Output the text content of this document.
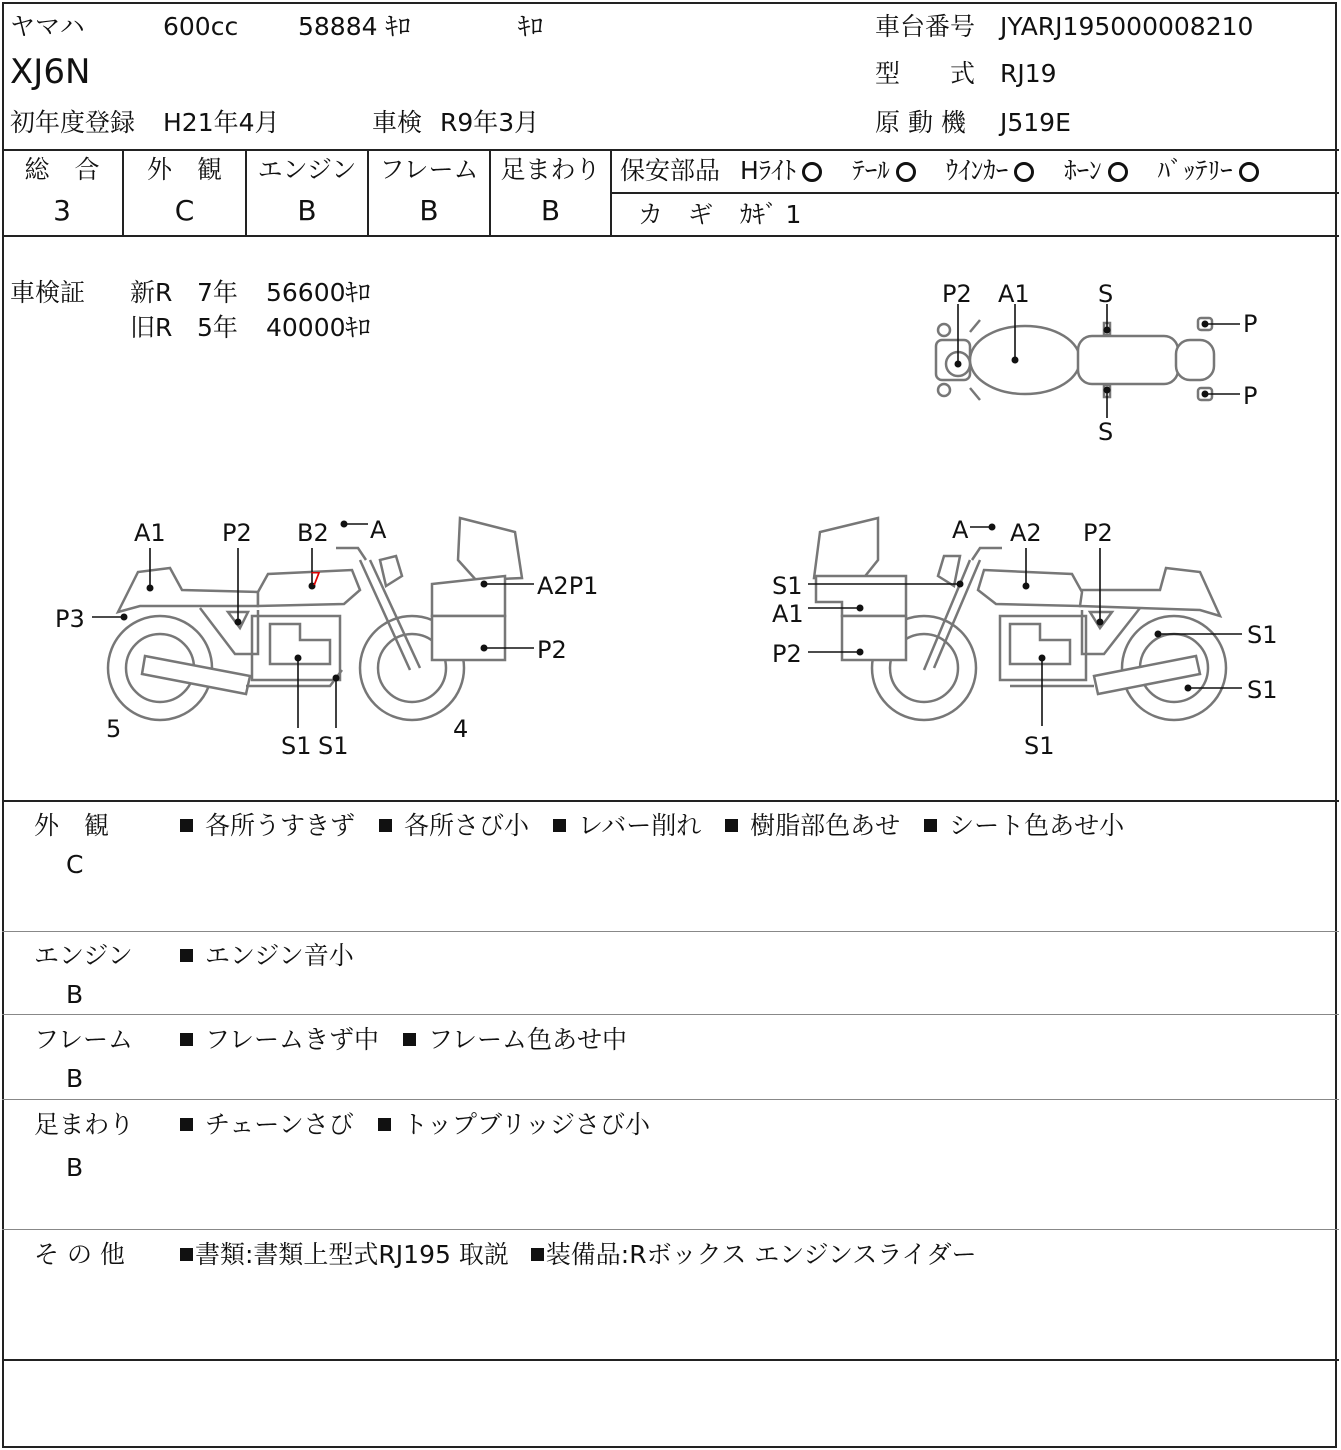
ヤマハ	600cc 58884 ｷﾛ	ｷﾛ
XJ6N
初年度登録 H21年4月	車検 R9年3月
車台番号 JYARJ195000008210
型　　式 RJ19
原 動 機 J519E
総　合
3
外　観
C
エンジン
B
フレーム
B
足まわり
B
保安部品 Hﾗｲﾄ ﾃｰﾙ ｳｲﾝｶｰ ﾎｰﾝ ﾊﾞｯﾃﾘｰ
カ　ギ ｶｷﾞ 1
車検証 新R 7年 56600ｷﾛ
旧R 5年 40000ｷﾛ
P2 A1	S
S
P
P
A1 P2 B2 A
7	A2P1
P3
P2
5	4
S1 S1
A A2 P2
S1
A1
P2
S1
S1
S1
外　観
C
各所うすきず 各所さび小 レバー削れ 樹脂部色あせ シート色あせ小
エンジン
B
エンジン音小
フレーム
B
フレームきず中 フレーム色あせ中
足まわり
B
チェーンさび トップブリッジさび小
そ の 他	書類:書類上型式RJ195 取説 装備品:Rボックス エンジンスライダー
